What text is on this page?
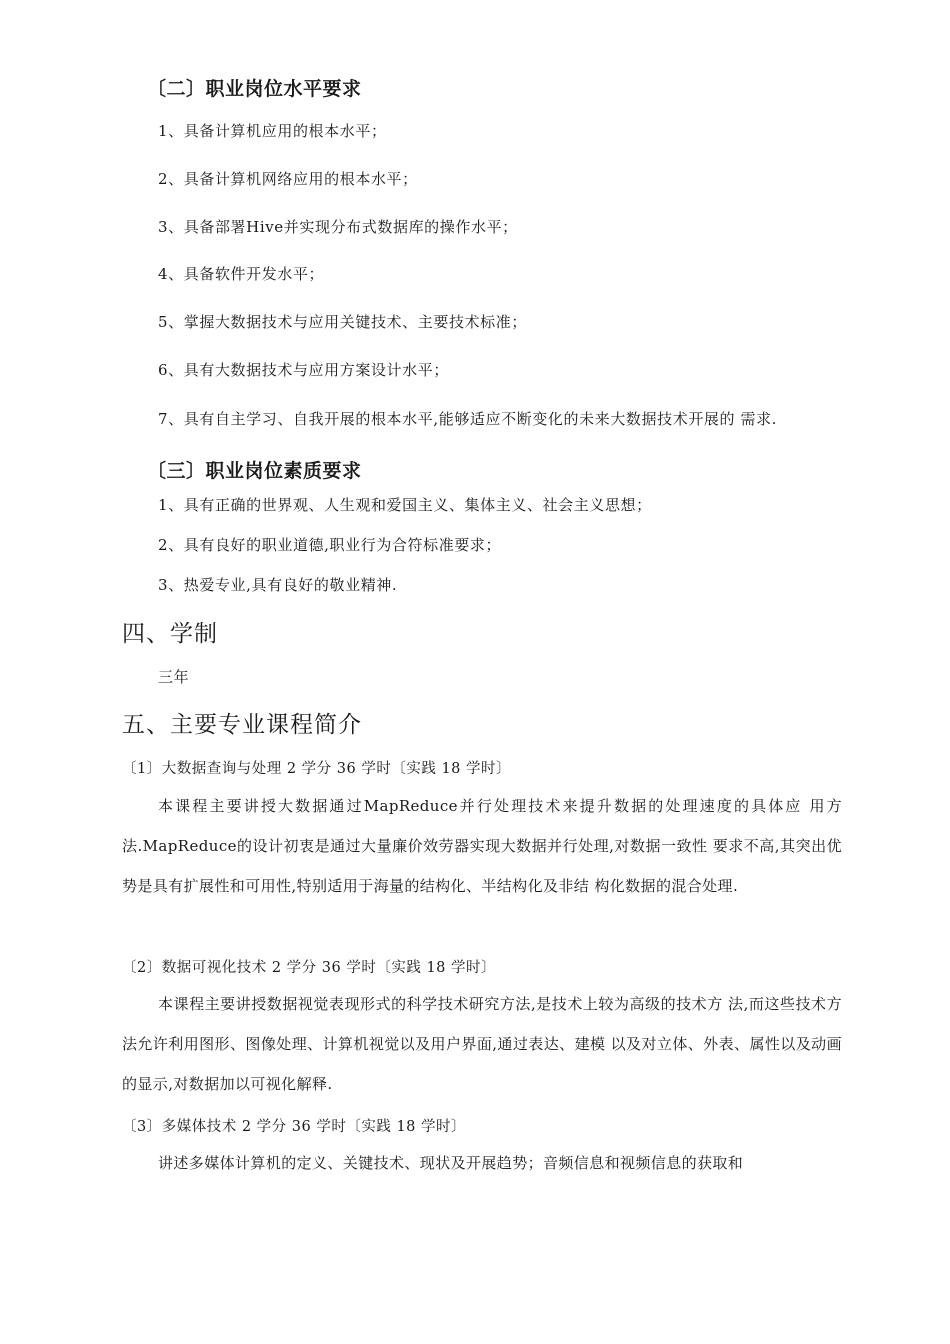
〔二〕职业岗位水平要求
1、具备计算机应用的根本水平；
2、具备计算机网络应用的根本水平；
3、具备部署Hive并实现分布式数据库的操作水平；
4、具备软件开发水平；
5、掌握大数据技术与应用关键技术、主要技术标准；
6、具有大数据技术与应用方案设计水平；
7、具有自主学习、自我开展的根本水平,能够适应不断变化的未来大数据技术开展的 需求.
〔三〕职业岗位素质要求
1、具有正确的世界观、人生观和爱国主义、集体主义、社会主义思想；
2、具有良好的职业道德,职业行为合符标准要求；
3、热爱专业,具有良好的敬业精神.
四、学制
三年
五、主要专业课程简介
〔1〕大数据查询与处理 2 学分 36 学时〔实践 18 学时〕

本课程主要讲授大数据通过MapReduce并行处理技术来提升数据的处理速度的具体应 用方法.MapReduce的设计初衷是通过大量廉价效劳器实现大数据并行处理,对数据一致性 要求不高,其突出优势是具有扩展性和可用性,特别适用于海量的结构化、半结构化及非结 构化数据的混合处理.

〔2〕数据可视化技术 2 学分 36 学时〔实践 18 学时〕

本课程主要讲授数据视觉表现形式的科学技术研究方法,是技术上较为高级的技术方 法,而这些技术方法允许利用图形、图像处理、计算机视觉以及用户界面,通过表达、建模 以及对立体、外表、属性以及动画的显示,对数据加以可视化解释.

〔3〕多媒体技术 2 学分 36 学时〔实践 18 学时〕

讲述多媒体计算机的定义、关键技术、现状及开展趋势；音频信息和视频信息的获取和
